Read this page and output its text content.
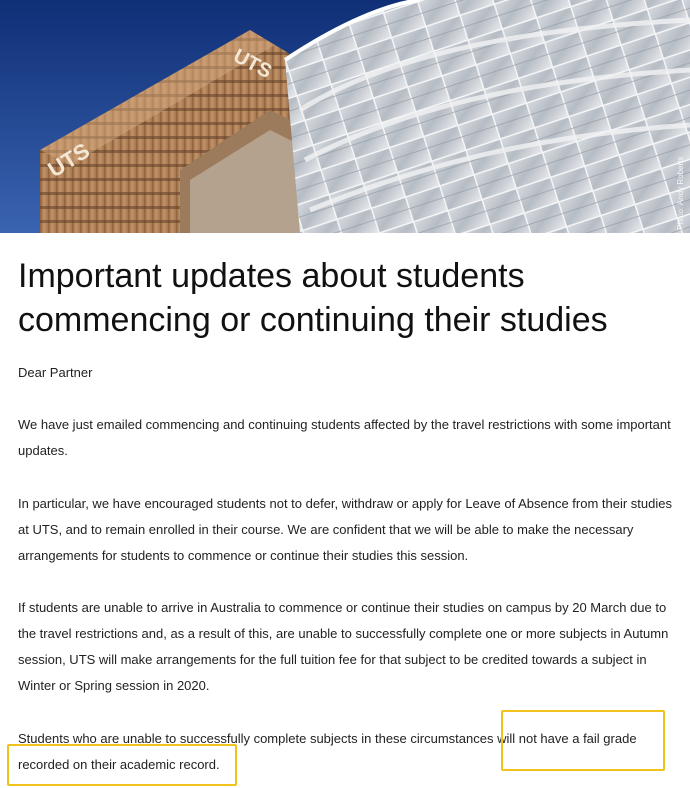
UTS
UTS
Photo: Andy Roberts
Important updates about students commencing or continuing their studies

Dear Partner

We have just emailed commencing and continuing students affected by the travel restrictions with some important updates.

In particular, we have encouraged students not to defer, withdraw or apply for Leave of Absence from their studies at UTS, and to remain enrolled in their course. We are confident that we will be able to make the necessary arrangements for students to commence or continue their studies this session.

If students are unable to arrive in Australia to commence or continue their studies on campus by 20 March due to the travel restrictions and, as a result of this, are unable to successfully complete one or more subjects in Autumn session, UTS will make arrangements for the full tuition fee for that subject to be credited towards a subject in Winter or Spring session in 2020.

Students who are unable to successfully complete subjects in these circumstances will not have a fail grade recorded on their academic record.
